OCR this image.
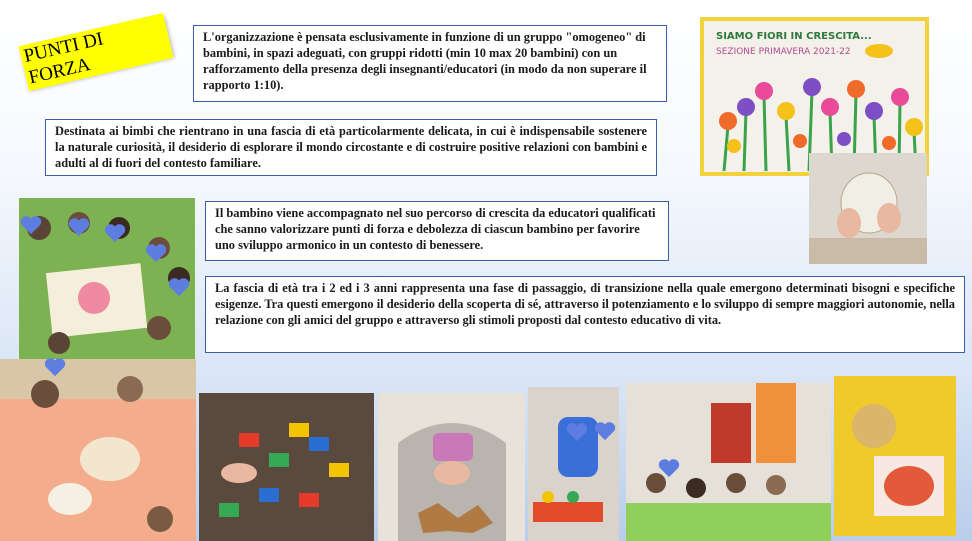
PUNTI DI FORZA
L'organizzazione è pensata esclusivamente in funzione di un gruppo "omogeneo" di bambini, in spazi adeguati, con gruppi ridotti (min 10 max 20 bambini) con un rafforzamento della presenza degli insegnanti/educatori (in modo da non superare il rapporto 1:10).
Destinata ai bimbi che rientrano in una fascia di età particolarmente delicata, in cui è indispensabile sostenere la naturale curiosità, il desiderio di esplorare il mondo circostante e di costruire positive relazioni con bambini e adulti al di fuori del contesto familiare.
Il bambino viene accompagnato nel suo percorso di crescita da educatori qualificati che sanno valorizzare punti di forza e debolezza di ciascun bambino per favorire uno sviluppo armonico in un contesto di benessere.
La fascia di età tra i 2 ed i 3 anni rappresenta una fase di passaggio, di transizione nella quale emergono determinati bisogni e specifiche esigenze. Tra questi emergono il desiderio della scoperta di sé, attraverso il potenziamento e lo sviluppo di sempre maggiori autonomie, nella relazione con gli amici del gruppo e attraverso gli stimoli proposti dal contesto educativo di vita.
SIAMO FIORI IN CRESCITA...
SEZIONE PRIMAVERA 2021-22
